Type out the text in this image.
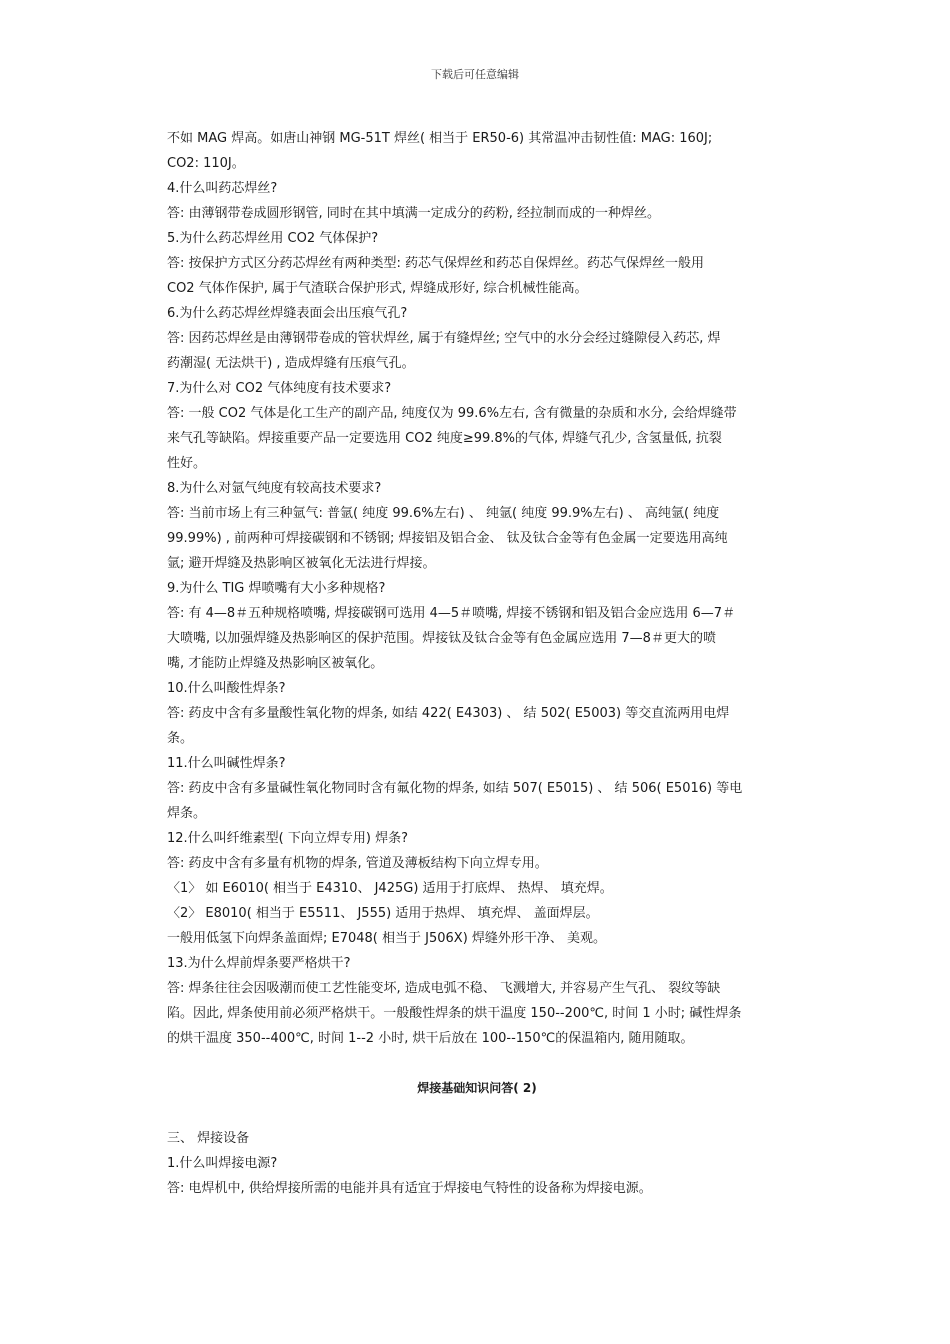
下载后可任意编辑
不如 MAG 焊高。如唐山神钢 MG-51T 焊丝( 相当于 ER50-6) 其常温冲击韧性值: MAG: 160J;
CO2: 110J。
4.什么叫药芯焊丝?
答: 由薄钢带卷成圆形钢管, 同时在其中填满一定成分的药粉, 经拉制而成的一种焊丝。
5.为什么药芯焊丝用 CO2 气体保护?
答: 按保护方式区分药芯焊丝有两种类型: 药芯气保焊丝和药芯自保焊丝。药芯气保焊丝一般用
CO2 气体作保护, 属于气渣联合保护形式, 焊缝成形好, 综合机械性能高。
6.为什么药芯焊丝焊缝表面会出压痕气孔?
答: 因药芯焊丝是由薄钢带卷成的管状焊丝, 属于有缝焊丝; 空气中的水分会经过缝隙侵入药芯, 焊
药潮湿( 无法烘干) , 造成焊缝有压痕气孔。
7.为什么对 CO2 气体纯度有技术要求?
答: 一般 CO2 气体是化工生产的副产品, 纯度仅为 99.6%左右, 含有微量的杂质和水分, 会给焊缝带
来气孔等缺陷。焊接重要产品一定要选用 CO2 纯度≥99.8%的气体, 焊缝气孔少, 含氢量低, 抗裂
性好。
8.为什么对氩气纯度有较高技术要求?
答: 当前市场上有三种氩气: 普氩( 纯度 99.6%左右) 、 纯氩( 纯度 99.9%左右) 、 高纯氩( 纯度
99.99%) , 前两种可焊接碳钢和不锈钢; 焊接铝及铝合金、 钛及钛合金等有色金属一定要选用高纯
氩; 避开焊缝及热影响区被氧化无法进行焊接。
9.为什么 TIG 焊喷嘴有大小多种规格?
答: 有 4—8＃五种规格喷嘴, 焊接碳钢可选用 4—5＃喷嘴, 焊接不锈钢和铝及铝合金应选用 6—7＃
大喷嘴, 以加强焊缝及热影响区的保护范围。焊接钛及钛合金等有色金属应选用 7—8＃更大的喷
嘴, 才能防止焊缝及热影响区被氧化。
10.什么叫酸性焊条?
答: 药皮中含有多量酸性氧化物的焊条, 如结 422( E4303) 、 结 502( E5003) 等交直流两用电焊
条。
11.什么叫碱性焊条?
答: 药皮中含有多量碱性氧化物同时含有氟化物的焊条, 如结 507( E5015) 、 结 506( E5016) 等电
焊条。
12.什么叫纤维素型( 下向立焊专用) 焊条?
答: 药皮中含有多量有机物的焊条, 管道及薄板结构下向立焊专用。
〈1〉 如 E6010( 相当于 E4310、 J425G) 适用于打底焊、 热焊、 填充焊。
〈2〉 E8010( 相当于 E5511、 J555) 适用于热焊、 填充焊、 盖面焊层。
一般用低氢下向焊条盖面焊; E7048( 相当于 J506X) 焊缝外形干净、 美观。
13.为什么焊前焊条要严格烘干?
答: 焊条往往会因吸潮而使工艺性能变坏, 造成电弧不稳、 飞溅增大, 并容易产生气孔、 裂纹等缺
陷。因此, 焊条使用前必须严格烘干。一般酸性焊条的烘干温度 150--200℃, 时间 1 小时; 碱性焊条
的烘干温度 350--400℃, 时间 1--2 小时, 烘干后放在 100--150℃的保温箱内, 随用随取。
焊接基础知识问答( 2)
三、 焊接设备
1.什么叫焊接电源?
答: 电焊机中, 供给焊接所需的电能并具有适宜于焊接电气特性的设备称为焊接电源。
